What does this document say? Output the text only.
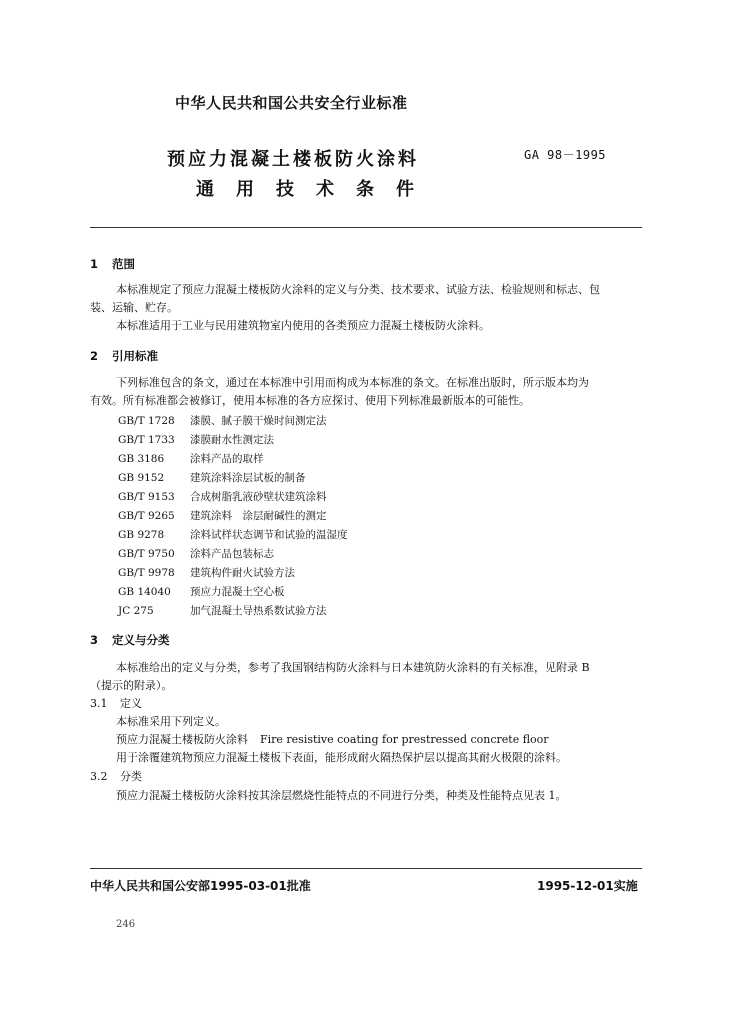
中华人民共和国公共安全行业标准
预应力混凝土楼板防火涂料
通用技术条件
GA 98－1995
1 范围
本标准规定了预应力混凝土楼板防火涂料的定义与分类、技术要求、试验方法、检验规则和标志、包
装、运输、贮存。
本标准适用于工业与民用建筑物室内使用的各类预应力混凝土楼板防火涂料。
2 引用标准
下列标准包含的条文，通过在本标准中引用而构成为本标准的条文。在标准出版时，所示版本均为
有效。所有标准都会被修订，使用本标准的各方应探讨、使用下列标准最新版本的可能性。
GB/T 1728 漆膜、腻子膜干燥时间测定法
GB/T 1733 漆膜耐水性测定法
GB 3186 涂料产品的取样
GB 9152 建筑涂料涂层试板的制备
GB/T 9153 合成树脂乳液砂壁状建筑涂料
GB/T 9265 建筑涂料　涂层耐碱性的测定
GB 9278 涂料试样状态调节和试验的温湿度
GB/T 9750 涂料产品包装标志
GB/T 9978 建筑构件耐火试验方法
GB 14040 预应力混凝土空心板
JC 275	加气混凝土导热系数试验方法
3 定义与分类
本标准给出的定义与分类，参考了我国钢结构防火涂料与日本建筑防火涂料的有关标准，见附录 B
（提示的附录）。
3.1 定义
本标准采用下列定义。
预应力混凝土楼板防火涂料 Fire resistive coating for prestressed concrete floor
用于涂覆建筑物预应力混凝土楼板下表面，能形成耐火隔热保护层以提高其耐火极限的涂料。
3.2 分类
预应力混凝土楼板防火涂料按其涂层燃烧性能特点的不同进行分类，种类及性能特点见表 1。
中华人民共和国公安部1995-03-01批准	1995-12-01实施
246
